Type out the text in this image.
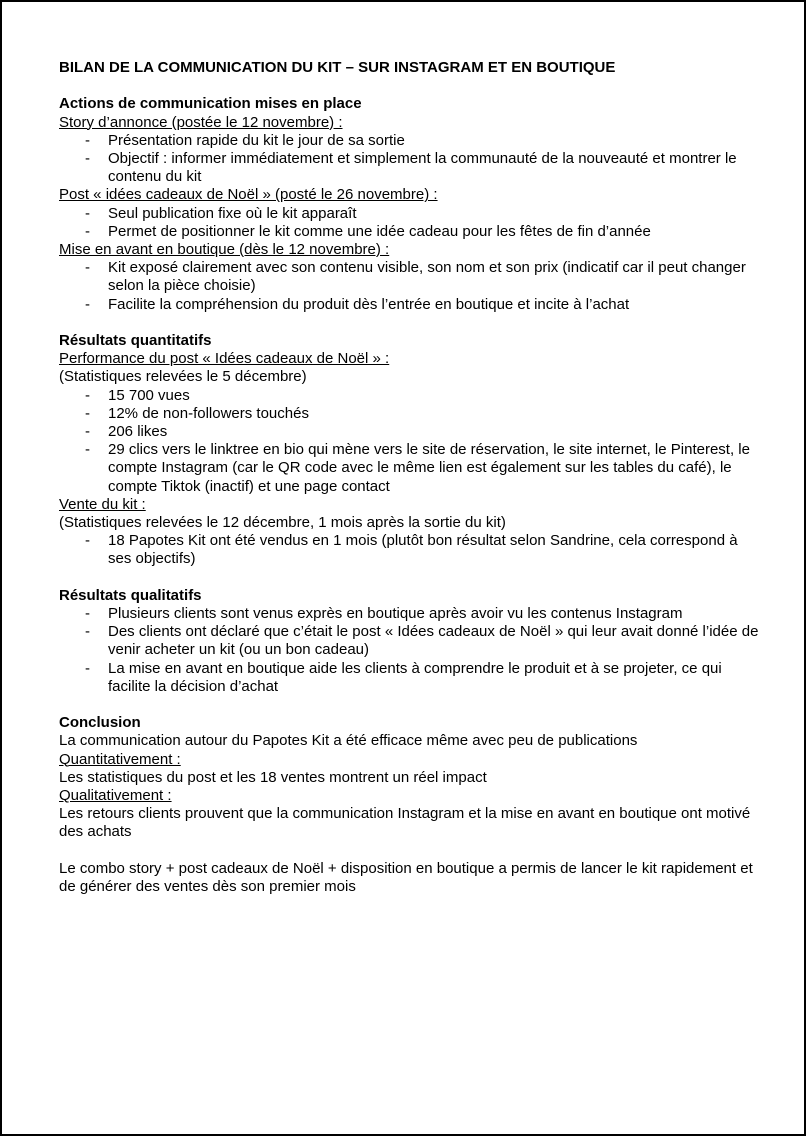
BILAN DE LA COMMUNICATION DU KIT – SUR INSTAGRAM ET EN BOUTIQUE

Actions de communication mises en place

Story d’annonce (postée le 12 novembre) :

- Présentation rapide du kit le jour de sa sortie
- Objectif : informer immédiatement et simplement la communauté de la nouveauté et montrer le contenu du kit

Post « idées cadeaux de Noël » (posté le 26 novembre) :

- Seul publication fixe où le kit apparaît
- Permet de positionner le kit comme une idée cadeau pour les fêtes de fin d’année

Mise en avant en boutique (dès le 12 novembre) :

- Kit exposé clairement avec son contenu visible, son nom et son prix (indicatif car il peut changer selon la pièce choisie)
- Facilite la compréhension du produit dès l’entrée en boutique et incite à l’achat

Résultats quantitatifs

Performance du post « Idées cadeaux de Noël » :

(Statistiques relevées le 5 décembre)

- 15 700 vues
- 12% de non-followers touchés
- 206 likes
- 29 clics vers le linktree en bio qui mène vers le site de réservation, le site internet, le Pinterest, le compte Instagram (car le QR code avec le même lien est également sur les tables du café), le compte Tiktok (inactif) et une page contact

Vente du kit :

(Statistiques relevées le 12 décembre, 1 mois après la sortie du kit)

- 18 Papotes Kit ont été vendus en 1 mois (plutôt bon résultat selon Sandrine, cela correspond à ses objectifs)

Résultats qualitatifs

- Plusieurs clients sont venus exprès en boutique après avoir vu les contenus Instagram
- Des clients ont déclaré que c’était le post « Idées cadeaux de Noël » qui leur avait donné l’idée de venir acheter un kit (ou un bon cadeau)
- La mise en avant en boutique aide les clients à comprendre le produit et à se projeter, ce qui facilite la décision d’achat

Conclusion

La communication autour du Papotes Kit a été efficace même avec peu de publications

Quantitativement :

Les statistiques du post et les 18 ventes montrent un réel impact

Qualitativement :

Les retours clients prouvent que la communication Instagram et la mise en avant en boutique ont motivé des achats

Le combo story + post cadeaux de Noël + disposition en boutique a permis de lancer le kit rapidement et de générer des ventes dès son premier mois
